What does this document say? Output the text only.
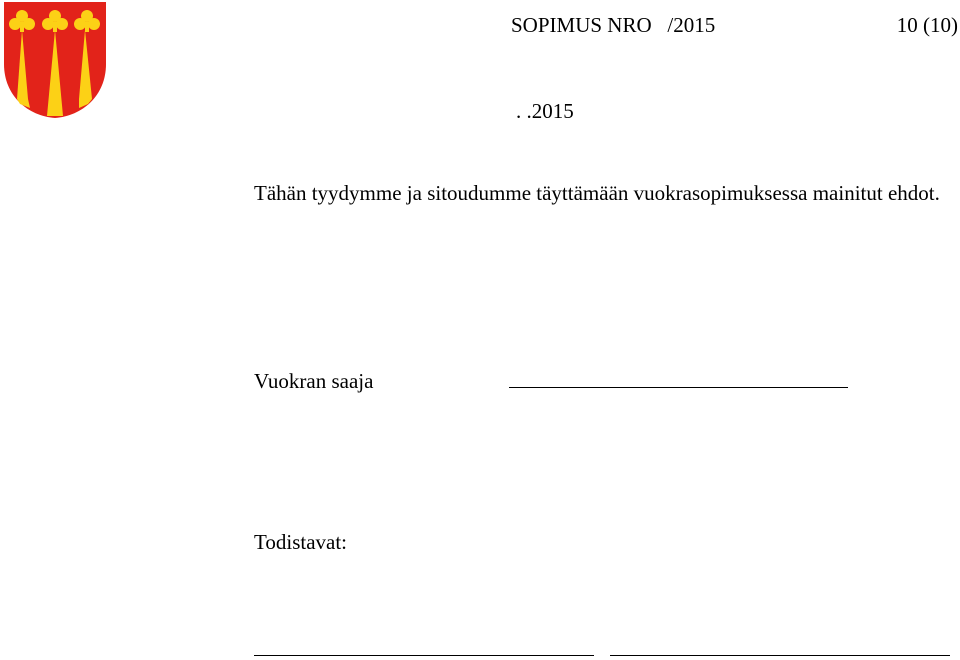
SOPIMUS NRO   /2015	10 (10)
. .2015
Tähän tyydymme ja sitoudumme täyttämään vuokrasopimuksessa mainitut ehdot.
Vuokran saaja
Todistavat:
